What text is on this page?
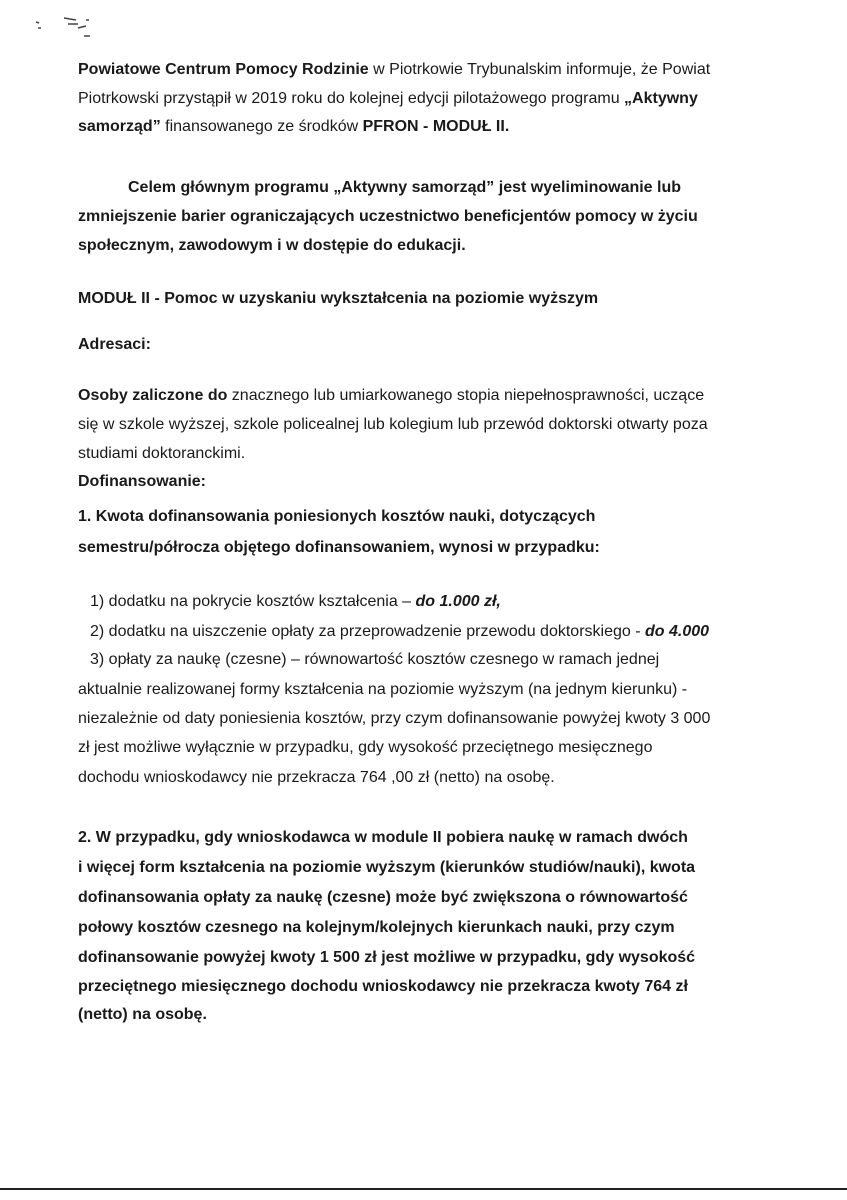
Powiatowe Centrum Pomocy Rodzinie w Piotrkowie Trybunalskim informuje, że Powiat
Piotrkowski przystąpił w 2019 roku do kolejnej edycji pilotażowego programu „Aktywny
samorząd” finansowanego ze środków PFRON - MODUŁ II.
Celem głównym programu „Aktywny samorząd” jest wyeliminowanie lub
zmniejszenie barier ograniczających uczestnictwo beneficjentów pomocy w życiu
społecznym, zawodowym i w dostępie do edukacji.
MODUŁ II - Pomoc w uzyskaniu wykształcenia na poziomie wyższym
Adresaci:
Osoby zaliczone do znacznego lub umiarkowanego stopia niepełnosprawności, uczące
się w szkole wyższej, szkole policealnej lub kolegium lub przewód doktorski otwarty poza
studiami doktoranckimi.
Dofinansowanie:
1. Kwota dofinansowania poniesionych kosztów nauki, dotyczących
semestru/półrocza objętego dofinansowaniem, wynosi w przypadku:
1) dodatku na pokrycie kosztów kształcenia – do 1.000 zł,
2) dodatku na uiszczenie opłaty za przeprowadzenie przewodu doktorskiego - do 4.000
3) opłaty za naukę (czesne) – równowartość kosztów czesnego w ramach jednej
aktualnie realizowanej formy kształcenia na poziomie wyższym (na jednym kierunku) -
niezależnie od daty poniesienia kosztów, przy czym dofinansowanie powyżej kwoty 3 000
zł jest możliwe wyłącznie w przypadku, gdy wysokość przeciętnego mesięcznego
dochodu wnioskodawcy nie przekracza 764 ,00 zł (netto) na osobę.
2. W przypadku, gdy wnioskodawca w module II pobiera naukę w ramach dwóch
i więcej form kształcenia na poziomie wyższym (kierunków studiów/nauki), kwota
dofinansowania opłaty za naukę (czesne) może być zwiększona o równowartość
połowy kosztów czesnego na kolejnym/kolejnych kierunkach nauki, przy czym
dofinansowanie powyżej kwoty 1 500 zł jest możliwe w przypadku, gdy wysokość
przeciętnego miesięcznego dochodu wnioskodawcy nie przekracza kwoty 764 zł
(netto) na osobę.
